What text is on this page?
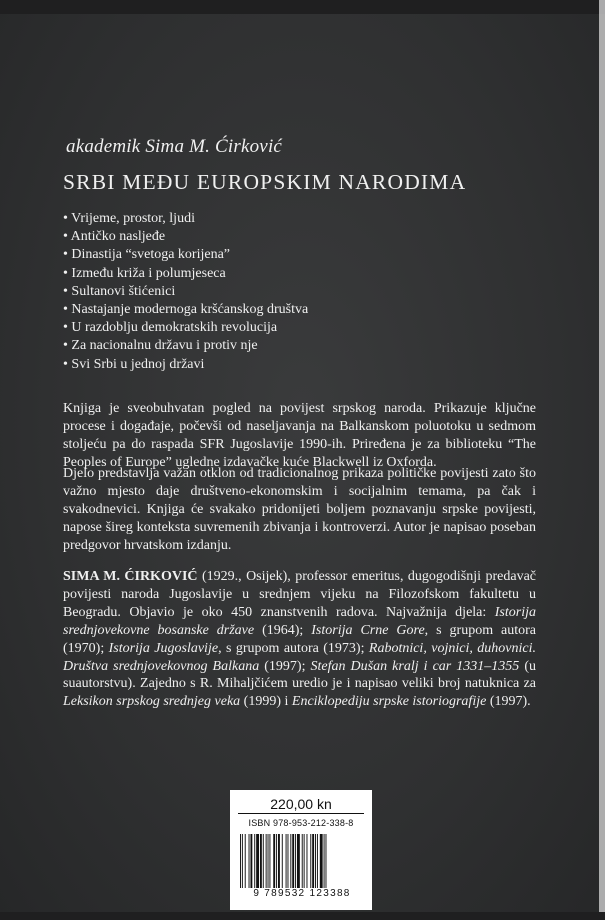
akademik Sima M. Ćirković
SRBI MEĐU EUROPSKIM NARODIMA
• Vrijeme, prostor, ljudi
• Antičko nasljeđe
• Dinastija “svetoga korijena”
• Između križa i polumjeseca
• Sultanovi štićenici
• Nastajanje modernoga kršćanskog društva
• U razdoblju demokratskih revolucija
• Za nacionalnu državu i protiv nje
• Svi Srbi u jednoj državi

Knjiga je sveobuhvatan pogled na povijest srpskog naroda. Prikazuje ključne procese i događaje, počevši od naseljavanja na Balkanskom poluotoku u sedmom stoljeću pa do raspada SFR Jugoslavije 1990-ih. Priređena je za biblioteku “The Peoples of Europe” ugledne izdavačke kuće Blackwell iz Oxforda.

Djelo predstavlja važan otklon od tradicionalnog prikaza političke povijesti zato što važno mjesto daje društveno-ekonomskim i socijalnim temama, pa čak i svakodnevici. Knjiga će svakako pridonijeti boljem poznavanju srpske povijesti, napose šireg konteksta suvremenih zbivanja i kontroverzi. Autor je napisao poseban predgovor hrvatskom izdanju.

SIMA M. ĆIRKOVIĆ (1929., Osijek), professor emeritus, dugogodišnji predavač povijesti naroda Jugoslavije u srednjem vijeku na Filozofskom fakultetu u Beogradu. Objavio je oko 450 znanstvenih radova. Najvažnija djela: Istorija srednjovekovne bosanske države (1964); Istorija Crne Gore, s grupom autora (1970); Istorija Jugoslavije, s grupom autora (1973); Rabotnici, vojnici, duhovnici. Društva srednjovekovnog Balkana (1997); Stefan Dušan kralj i car 1331–1355 (u suautorstvu). Zajedno s R. Mihaljčićem uredio je i napisao veliki broj natuknica za Leksikon srpskog srednjeg veka (1999) i Enciklopediju srpske istoriografije (1997).

220,00 kn
ISBN 978-953-212-338-8
9 789532 123388
